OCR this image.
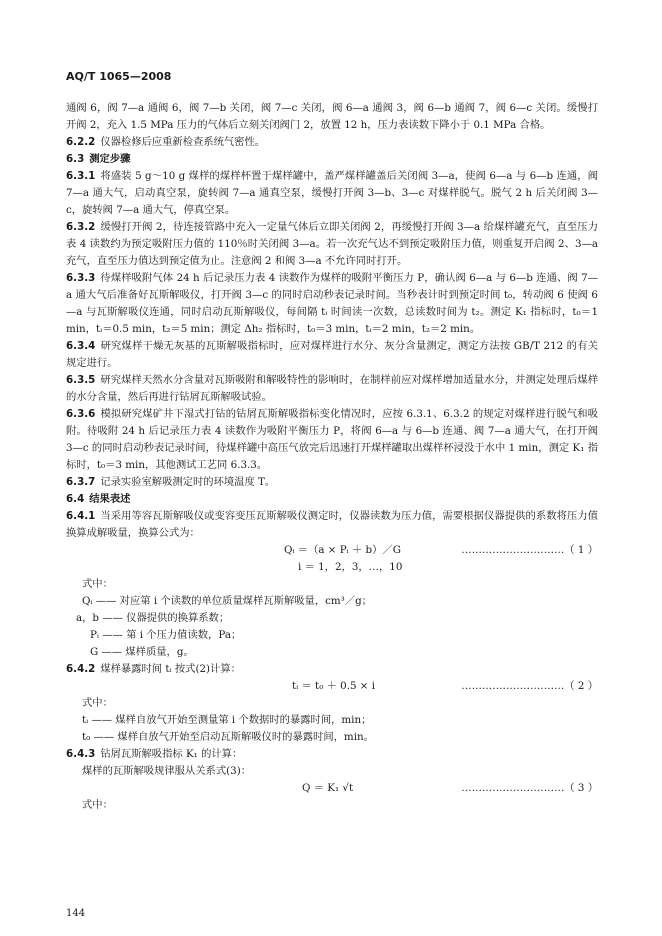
AQ/T 1065—2008

通阀 6，阀 7—a 通阀 6，阀 7—b 关闭，阀 7—c 关闭，阀 6—a 通阀 3，阀 6—b 通阀 7，阀 6—c 关闭。缓慢打开阀 2，充入 1.5 MPa 压力的气体后立刻关闭阀门 2，放置 12 h，压力表读数下降小于 0.1 MPa 合格。

6.2.2 仪器检修后应重新检查系统气密性。

6.3 测定步骤

6.3.1 将盛装 5 g～10 g 煤样的煤样杯置于煤样罐中，盖严煤样罐盖后关闭阀 3—a，使阀 6—a 与 6—b 连通，阀 7—a 通大气，启动真空泵，旋转阀 7—a 通真空泵，缓慢打开阀 3—b、3—c 对煤样脱气。脱气 2 h 后关闭阀 3—c，旋转阀 7—a 通大气，停真空泵。

6.3.2 缓慢打开阀 2，待连接管路中充入一定量气体后立即关闭阀 2，再缓慢打开阀 3—a 给煤样罐充气，直至压力表 4 读数约为预定吸附压力值的 110％时关闭阀 3—a。若一次充气达不到预定吸附压力值，则重复开启阀 2、3—a 充气，直至压力值达到预定值为止。注意阀 2 和阀 3—a 不允许同时打开。

6.3.3 待煤样吸附气体 24 h 后记录压力表 4 读数作为煤样的吸附平衡压力 P，确认阀 6—a 与 6—b 连通、阀 7—a 通大气后准备好瓦斯解吸仪，打开阀 3—c 的同时启动秒表记录时间。当秒表计时到预定时间 t₀，转动阀 6 使阀 6—a 与瓦斯解吸仪连通，同时启动瓦斯解吸仪，每间隔 tᵢ 时间读一次数，总读数时间为 t₂。测定 K₁ 指标时，t₀＝1 min，tᵢ＝0.5 min，t₂＝5 min；测定 Δh₂ 指标时，t₀＝3 min，tᵢ＝2 min，t₂＝2 min。

6.3.4 研究煤样干燥无灰基的瓦斯解吸指标时，应对煤样进行水分、灰分含量测定，测定方法按 GB/T 212 的有关规定进行。

6.3.5 研究煤样天然水分含量对瓦斯吸附和解吸特性的影响时，在制样前应对煤样增加适量水分，并测定处理后煤样的水分含量，然后再进行钻屑瓦斯解吸试验。

6.3.6 模拟研究煤矿井下湿式打钻的钻屑瓦斯解吸指标变化情况时，应按 6.3.1、6.3.2 的规定对煤样进行脱气和吸附。待吸附 24 h 后记录压力表 4 读数作为吸附平衡压力 P，将阀 6—a 与 6—b 连通、阀 7—a 通大气，在打开阀 3—c 的同时启动秒表记录时间，待煤样罐中高压气放完后迅速打开煤样罐取出煤样杯浸没于水中 1 min，测定 K₁ 指标时，t₀＝3 min，其他测试工艺同 6.3.3。

6.3.7 记录实验室解吸测定时的环境温度 T。

6.4 结果表述

6.4.1 当采用等容瓦斯解吸仪或变容变压瓦斯解吸仪测定时，仪器读数为压力值，需要根据仪器提供的系数将压力值换算成解吸量，换算公式为：

Qᵢ ＝（a × Pᵢ ＋ b）／G	…………………………（ 1 ）
i ＝ 1，2，3，…，10

式中：

Qᵢ —— 对应第 i 个读数的单位质量煤样瓦斯解吸量，cm³／g；

a，b —— 仪器提供的换算系数；

Pᵢ —— 第 i 个压力值读数，Pa；

G —— 煤样质量，g。

6.4.2 煤样暴露时间 tᵢ 按式(2)计算：

tᵢ ＝ t₀ ＋ 0.5 × i	…………………………（ 2 ）

式中：

tᵢ —— 煤样自放气开始至测量第 i 个数据时的暴露时间，min；

t₀ —— 煤样自放气开始至启动瓦斯解吸仪时的暴露时间，min。

6.4.3 钻屑瓦斯解吸指标 K₁ 的计算：

煤样的瓦斯解吸规律服从关系式(3)：

Q ＝ K₁ √t	…………………………（ 3 ）

式中：

144
